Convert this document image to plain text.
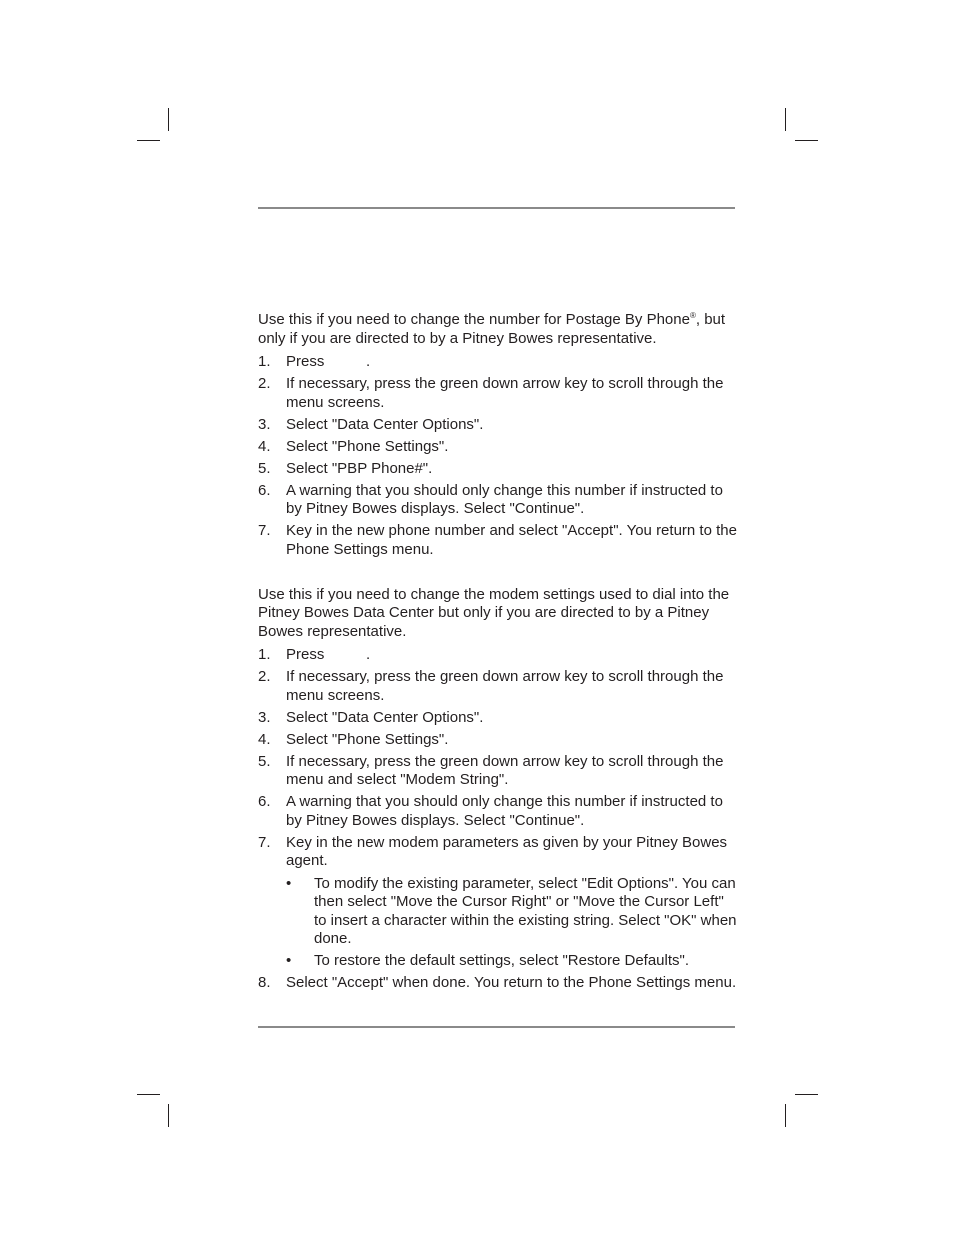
Use this if you need to change the number for Postage By Phone®, but only if you are directed to by a Pitney Bowes representative.

1. Press          .
2. If necessary, press the green down arrow key to scroll through the menu screens.
3. Select "Data Center Options".
4. Select "Phone Settings".
5. Select "PBP Phone#".
6. A warning that you should only change this number if instructed to by Pitney Bowes displays. Select "Continue".
7. Key in the new phone number and select "Accept". You return to the Phone Settings menu.

Use this if you need to change the modem settings used to dial into the Pitney Bowes Data Center but only if you are directed to by a Pitney Bowes representative.

1. Press          .
2. If necessary, press the green down arrow key to scroll through the menu screens.
3. Select "Data Center Options".
4. Select "Phone Settings".
5. If necessary, press the green down arrow key to scroll through the menu and select "Modem String".
6. A warning that you should only change this number if instructed to by Pitney Bowes displays. Select "Continue".
7. Key in the new modem parameters as given by your Pitney Bowes agent.
• To modify the existing parameter, select "Edit Options". You can then select "Move the Cursor Right" or "Move the Cursor Left" to insert a character within the existing string. Select "OK" when done.
• To restore the default settings, select "Restore Defaults".
8. Select "Accept" when done. You return to the Phone Settings menu.
